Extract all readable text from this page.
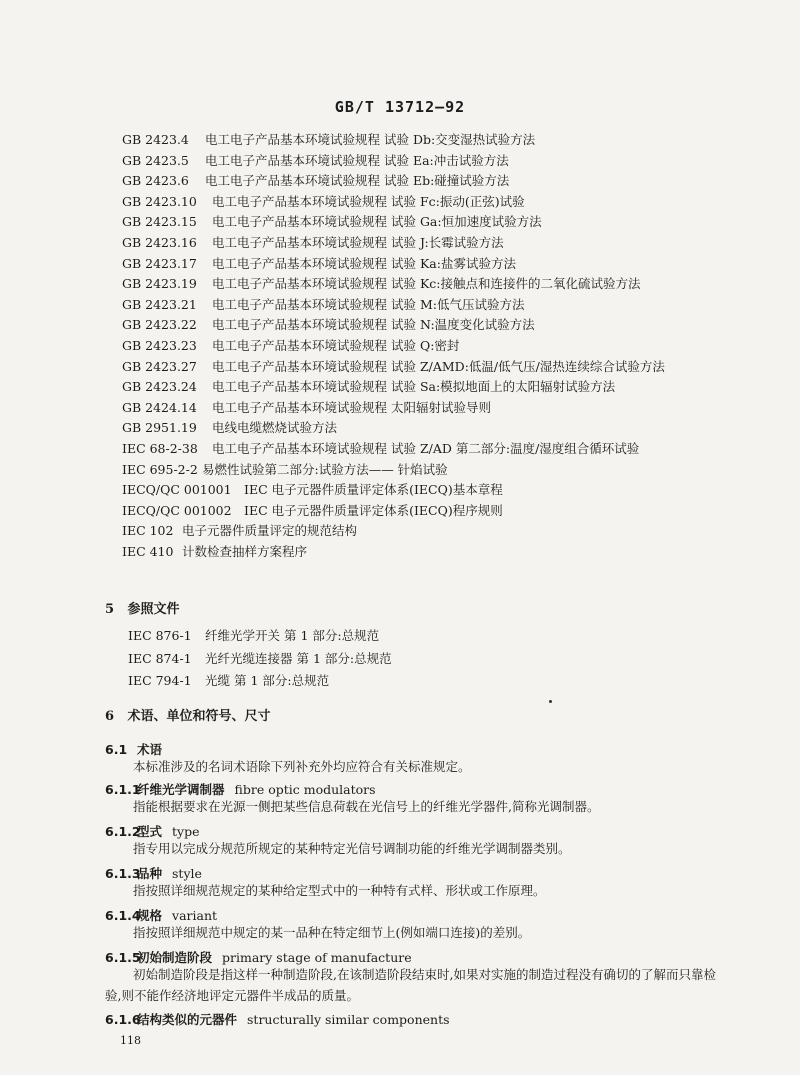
GB/T 13712—92
GB 2423.4	电工电子产品基本环境试验规程 试验 Db:交变湿热试验方法
GB 2423.5	电工电子产品基本环境试验规程 试验 Ea:冲击试验方法
GB 2423.6	电工电子产品基本环境试验规程 试验 Eb:碰撞试验方法
GB 2423.10	电工电子产品基本环境试验规程 试验 Fc:振动(正弦)试验
GB 2423.15	电工电子产品基本环境试验规程 试验 Ga:恒加速度试验方法
GB 2423.16	电工电子产品基本环境试验规程 试验 J:长霉试验方法
GB 2423.17	电工电子产品基本环境试验规程 试验 Ka:盐雾试验方法
GB 2423.19	电工电子产品基本环境试验规程 试验 Kc:接触点和连接件的二氧化硫试验方法
GB 2423.21	电工电子产品基本环境试验规程 试验 M:低气压试验方法
GB 2423.22	电工电子产品基本环境试验规程 试验 N:温度变化试验方法
GB 2423.23	电工电子产品基本环境试验规程 试验 Q:密封
GB 2423.27	电工电子产品基本环境试验规程 试验 Z/AMD:低温/低气压/湿热连续综合试验方法
GB 2423.24	电工电子产品基本环境试验规程 试验 Sa:模拟地面上的太阳辐射试验方法
GB 2424.14	电工电子产品基本环境试验规程 太阳辐射试验导则
GB 2951.19	电线电缆燃烧试验方法
IEC 68-2-38	电工电子产品基本环境试验规程 试验 Z/AD 第二部分:温度/湿度组合循环试验
IEC 695-2-2 易燃性试验第二部分:试验方法—— 针焰试验
IECQ/QC 001001 IEC 电子元器件质量评定体系(IECQ)基本章程
IECQ/QC 001002 IEC 电子元器件质量评定体系(IECQ)程序规则
IEC 102 电子元器件质量评定的规范结构
IEC 410 计数检查抽样方案程序
5 参照文件
IEC 876-1	纤维光学开关 第 1 部分:总规范
IEC 874-1	光纤光缆连接器 第 1 部分:总规范
IEC 794-1	光缆 第 1 部分:总规范
6 术语、单位和符号、尺寸
6.1 术语
本标准涉及的名词术语除下列补充外均应符合有关标准规定。
6.1.1纤维光学调制器 fibre optic modulators
指能根据要求在光源一侧把某些信息荷载在光信号上的纤维光学器件,简称光调制器。
6.1.2型式 type
指专用以完成分规范所规定的某种特定光信号调制功能的纤维光学调制器类别。
6.1.3品种 style
指按照详细规范规定的某种给定型式中的一种特有式样、形状或工作原理。
6.1.4规格 variant
指按照详细规范中规定的某一品种在特定细节上(例如端口连接)的差别。
6.1.5初始制造阶段 primary stage of manufacture
初始制造阶段是指这样一种制造阶段,在该制造阶段结束时,如果对实施的制造过程没有确切的了解而只靠检验,则不能作经济地评定元器件半成品的质量。
6.1.6结构类似的元器件 structurally similar components
118
